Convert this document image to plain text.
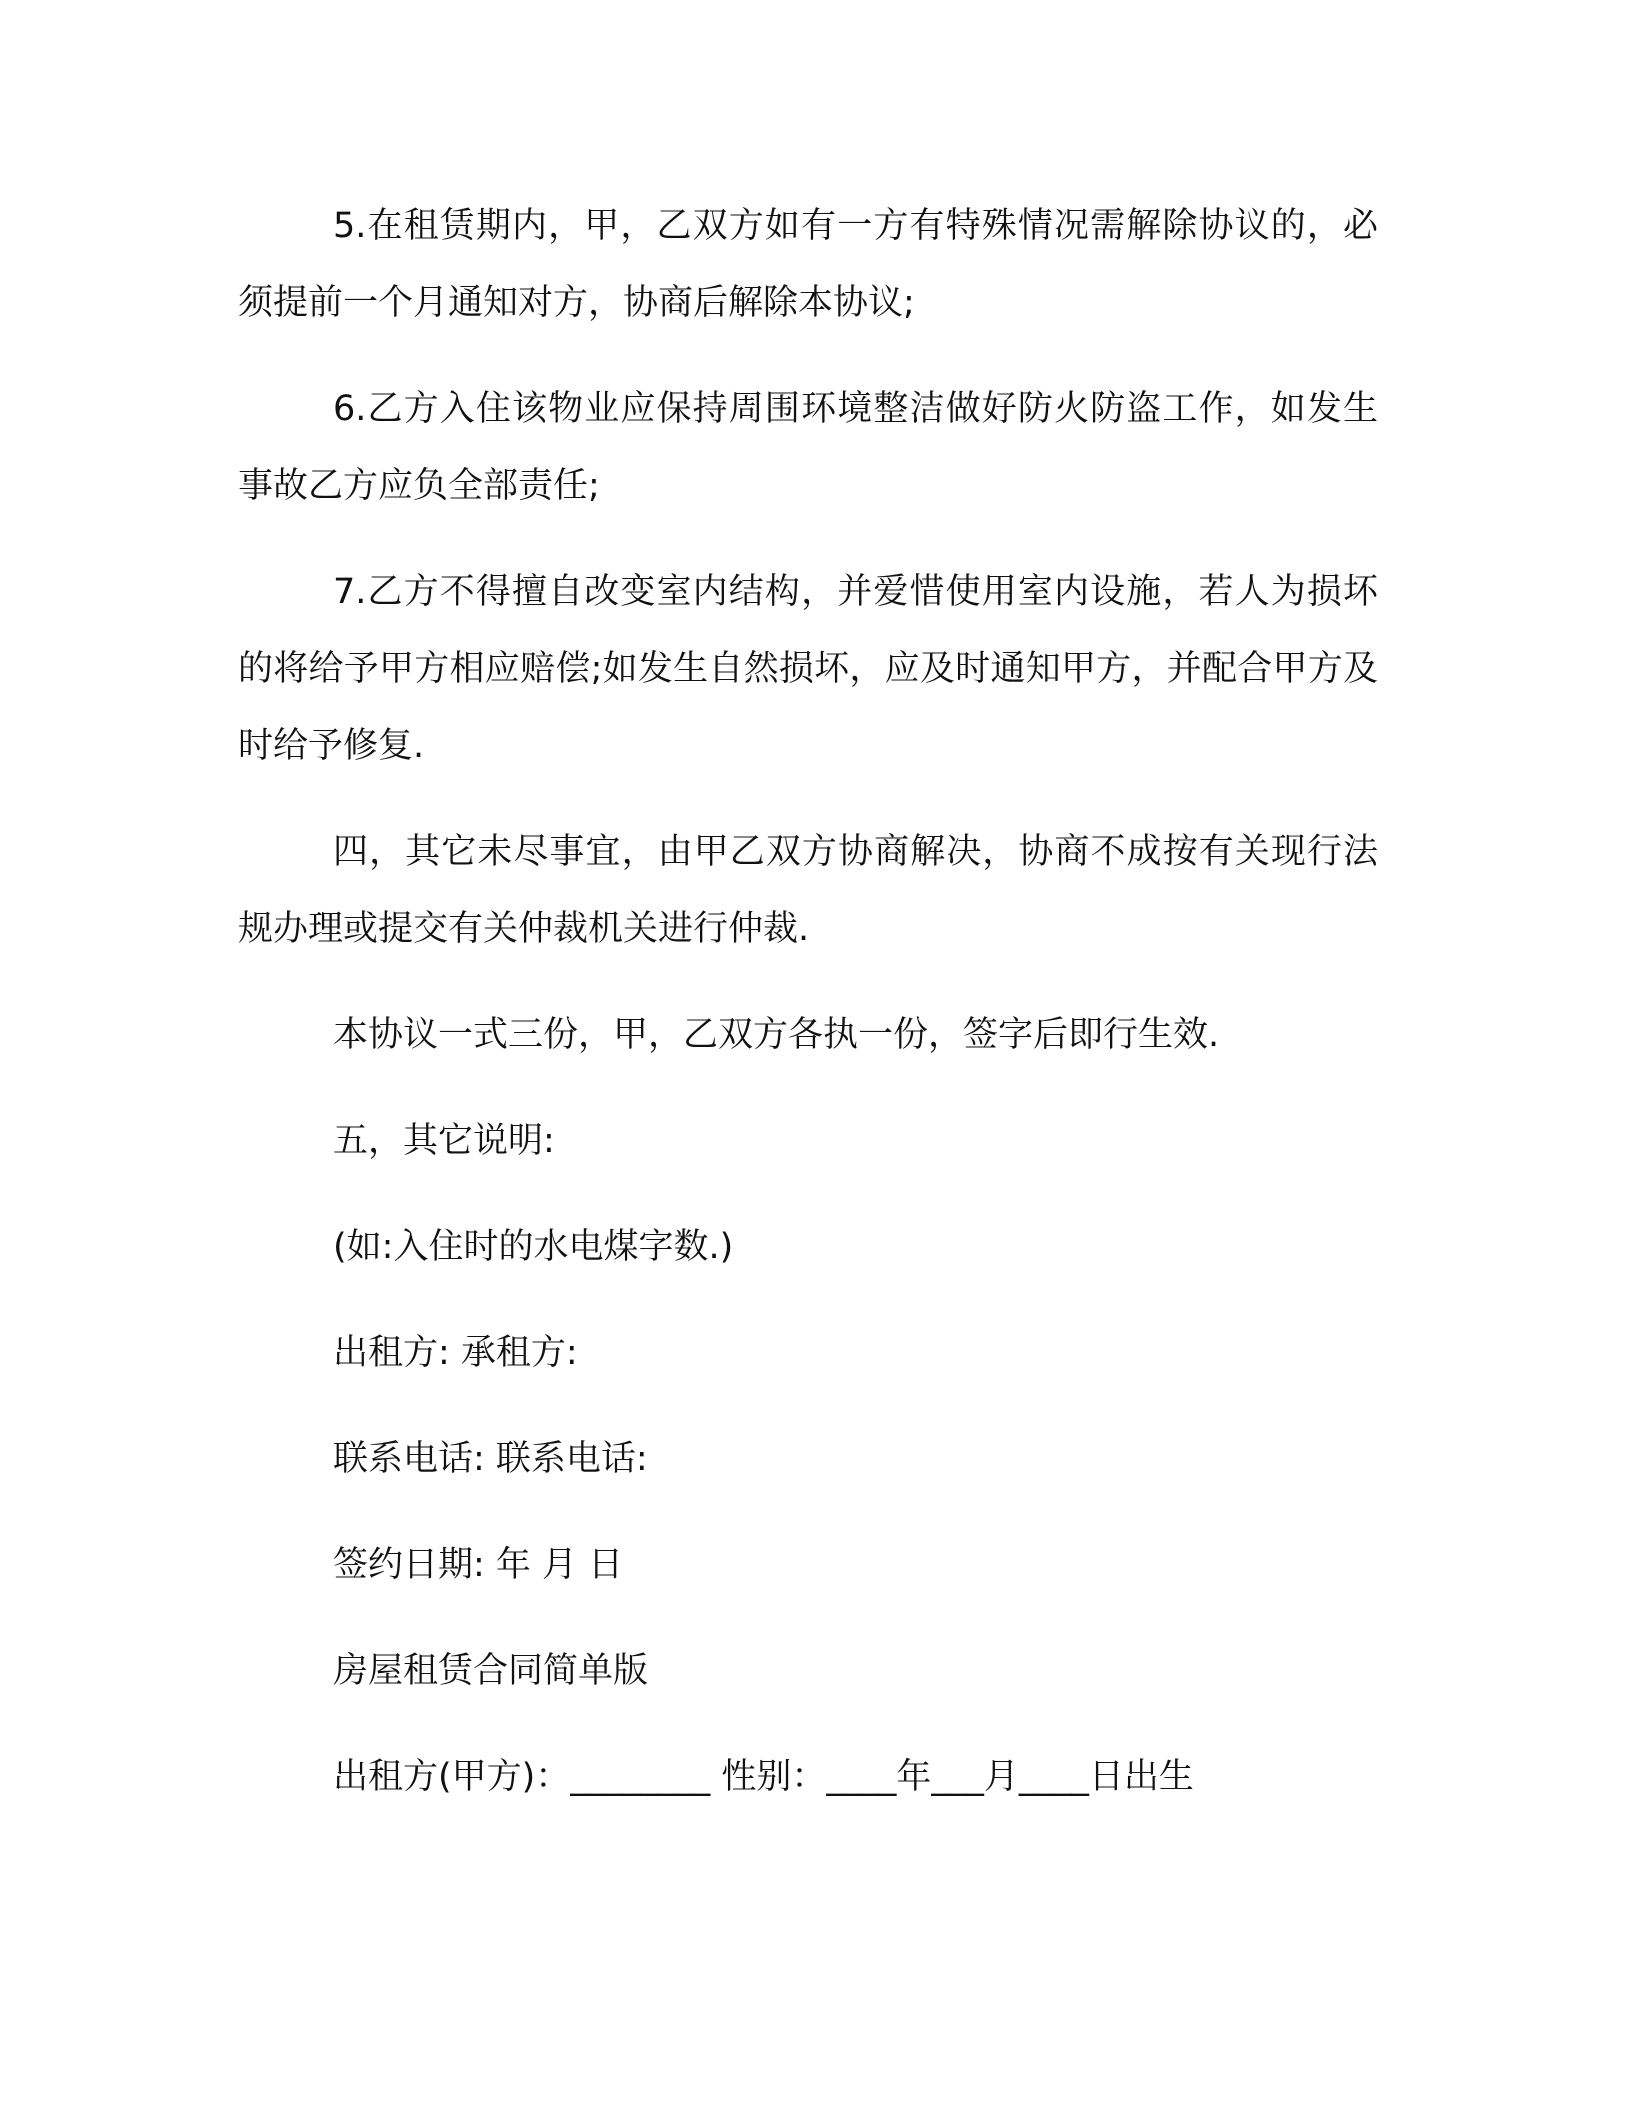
5.在租赁期内，甲，乙双方如有一方有特殊情况需解除协议的，必须提前一个月通知对方，协商后解除本协议;

6.乙方入住该物业应保持周围环境整洁做好防火防盗工作，如发生事故乙方应负全部责任;

7.乙方不得擅自改变室内结构，并爱惜使用室内设施，若人为损坏的将给予甲方相应赔偿;如发生自然损坏，应及时通知甲方，并配合甲方及时给予修复.

四，其它未尽事宜，由甲乙双方协商解决，协商不成按有关现行法规办理或提交有关仲裁机关进行仲裁.

本协议一式三份，甲，乙双方各执一份，签字后即行生效.
五，其它说明:
(如:入住时的水电煤字数.)
出租方: 承租方:
联系电话: 联系电话:
签约日期: 年 月 日
房屋租赁合同简单版
出租方(甲方)：________ 性别：____年___月____日出生
